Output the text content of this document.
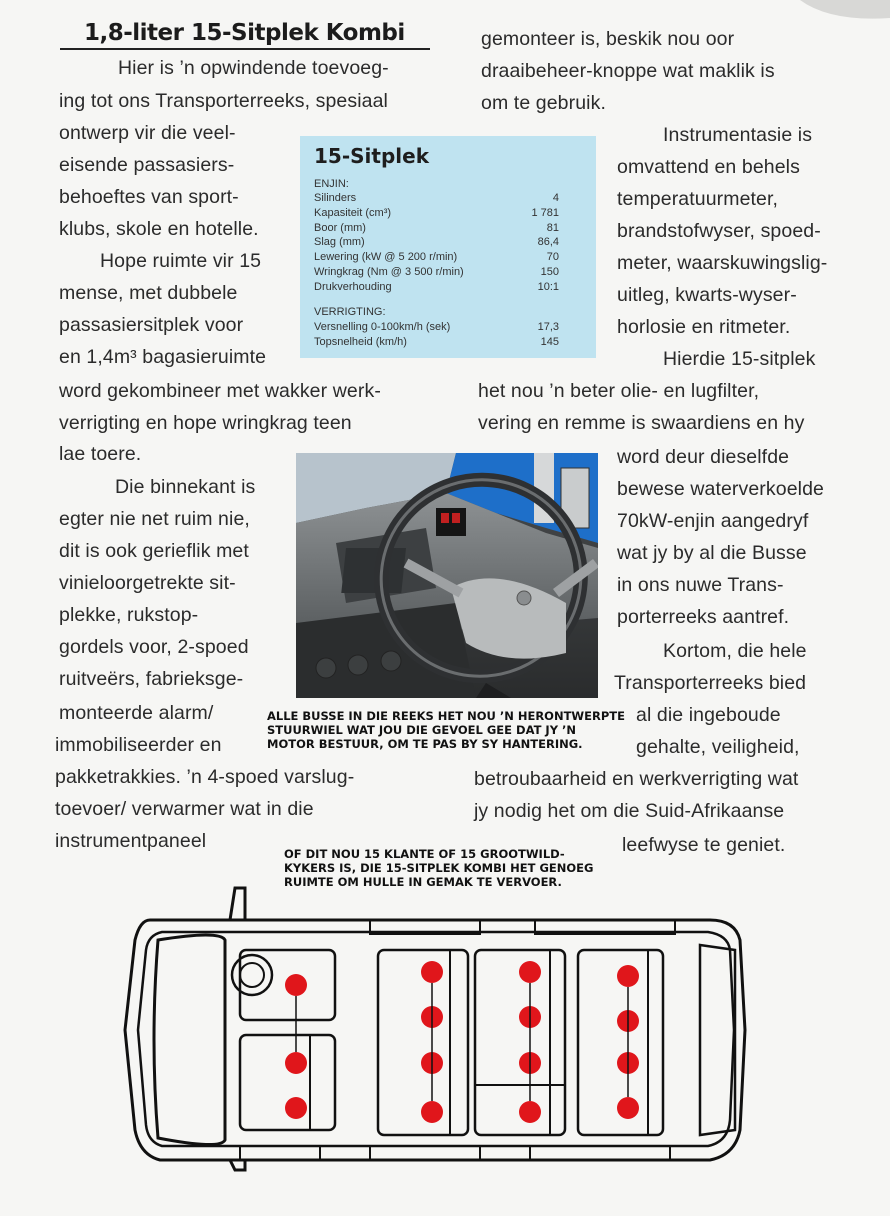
1,8-liter 15-Sitplek Kombi
Hier is ’n opwindende toevoeg-
ing tot ons Transporterreeks, spesiaal
ontwerp vir die veel-
eisende passasiers-
behoeftes van sport-
klubs, skole en hotelle.
Hope ruimte vir 15
mense, met dubbele
passasiersitplek voor
en 1,4m³ bagasieruimte
word gekombineer met wakker werk-
verrigting en hope wringkrag teen
lae toere.
Die binnekant is
egter nie net ruim nie,
dit is ook gerieflik met
vinieloorgetrekte sit-
plekke, rukstop-
gordels voor, 2-spoed
ruitveërs, fabrieksge-
monteerde alarm/
immobiliseerder en
pakketrakkies. ’n 4-spoed varslug-
toevoer/ verwarmer wat in die
instrumentpaneel
gemonteer is, beskik nou oor
draaibeheer-knoppe wat maklik is
om te gebruik.
Instrumentasie is
omvattend en behels
temperatuurmeter,
brandstofwyser, spoed-
meter, waarskuwingslig-
uitleg, kwarts-wyser-
horlosie en ritmeter.
Hierdie 15-sitplek
het nou ’n beter olie- en lugfilter,
vering en remme is swaardiens en hy
word deur dieselfde
bewese waterverkoelde
70kW-enjin aangedryf
wat jy by al die Busse
in ons nuwe Trans-
porterreeks aantref.
Kortom, die hele
Transporterreeks bied
al die ingeboude
gehalte, veiligheid,
betroubaarheid en werkverrigting wat
jy nodig het om die Suid-Afrikaanse
leefwyse te geniet.
15-Sitplek
ENJIN:
Silinders	4
Kapasiteit (cm³)	1 781
Boor (mm)	81
Slag (mm)	86,4
Lewering (kW @ 5 200 r/min)	70
Wringkrag (Nm @ 3 500 r/min)	150
Drukverhouding	10:1
VERRIGTING:
Versnelling 0-100km/h (sek)	17,3
Topsnelheid (km/h)	145
ALLE BUSSE IN DIE REEKS HET NOU ’N HERONTWERPTE
STUURWIEL WAT JOU DIE GEVOEL GEE DAT JY ’N
MOTOR BESTUUR, OM TE PAS BY SY HANTERING.
OF DIT NOU 15 KLANTE OF 15 GROOTWILD-
KYKERS IS, DIE 15-SITPLEK KOMBI HET GENOEG
RUIMTE OM HULLE IN GEMAK TE VERVOER.
